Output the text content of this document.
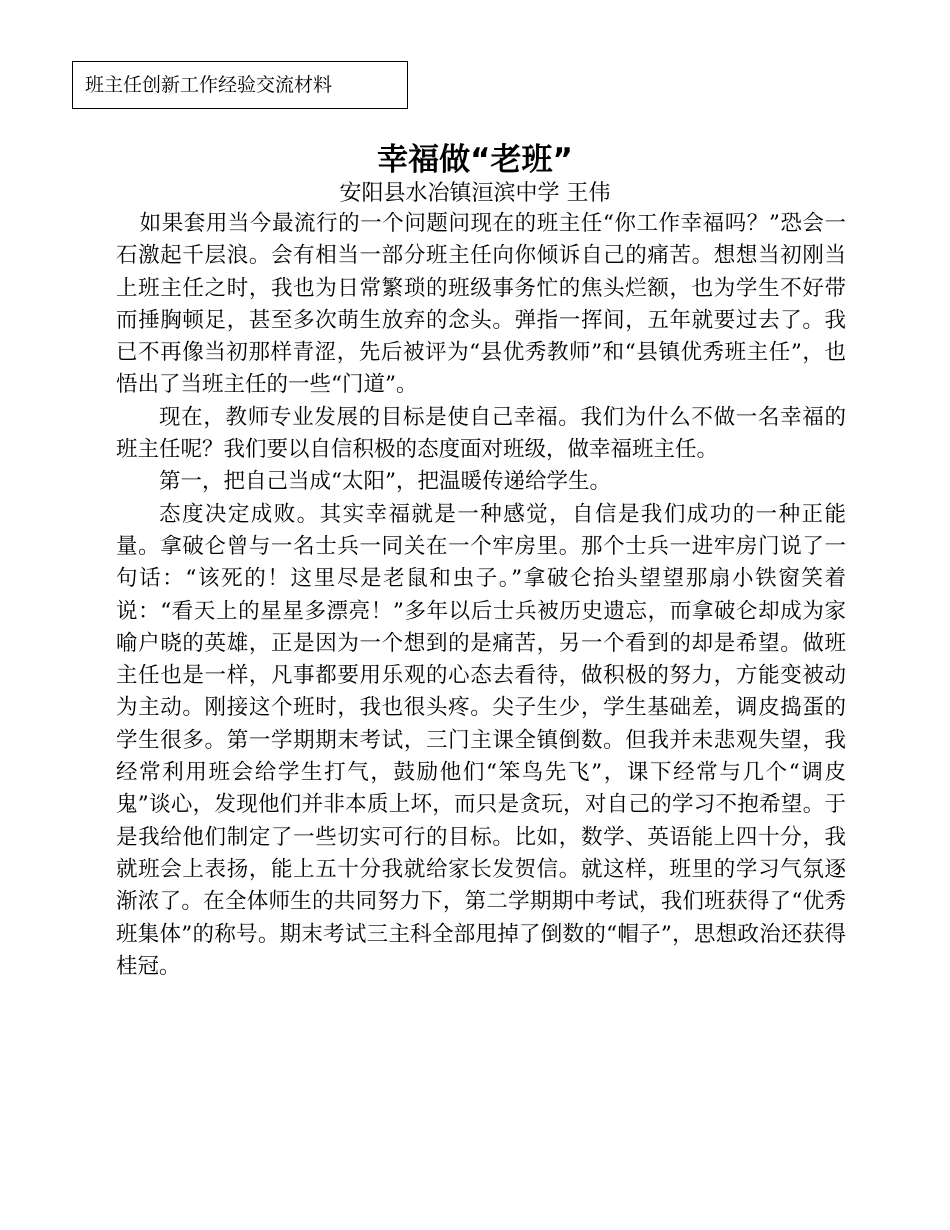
班主任创新工作经验交流材料
幸福做“老班”
安阳县水冶镇洹滨中学 王伟

如果套用当今最流行的一个问题问现在的班主任“你工作幸福吗？”恐会一石激起千层浪。会有相当一部分班主任向你倾诉自己的痛苦。想想当初刚当上班主任之时，我也为日常繁琐的班级事务忙的焦头烂额，也为学生不好带而捶胸顿足，甚至多次萌生放弃的念头。弹指一挥间，五年就要过去了。我已不再像当初那样青涩，先后被评为“县优秀教师”和“县镇优秀班主任”，也悟出了当班主任的一些“门道”。

现在，教师专业发展的目标是使自己幸福。我们为什么不做一名幸福的班主任呢？我们要以自信积极的态度面对班级，做幸福班主任。

第一，把自己当成“太阳”，把温暖传递给学生。

态度决定成败。其实幸福就是一种感觉，自信是我们成功的一种正能量。拿破仑曾与一名士兵一同关在一个牢房里。那个士兵一进牢房门说了一句话：“该死的！这里尽是老鼠和虫子。”拿破仑抬头望望那扇小铁窗笑着说：“看天上的星星多漂亮！”多年以后士兵被历史遗忘，而拿破仑却成为家喻户晓的英雄，正是因为一个想到的是痛苦，另一个看到的却是希望。做班主任也是一样，凡事都要用乐观的心态去看待，做积极的努力，方能变被动为主动。刚接这个班时，我也很头疼。尖子生少，学生基础差，调皮捣蛋的学生很多。第一学期期末考试，三门主课全镇倒数。但我并未悲观失望，我经常利用班会给学生打气，鼓励他们“笨鸟先飞”，课下经常与几个“调皮鬼”谈心，发现他们并非本质上坏，而只是贪玩，对自己的学习不抱希望。于是我给他们制定了一些切实可行的目标。比如，数学、英语能上四十分，我就班会上表扬，能上五十分我就给家长发贺信。就这样，班里的学习气氛逐渐浓了。在全体师生的共同努力下，第二学期期中考试，我们班获得了“优秀班集体”的称号。期末考试三主科全部甩掉了倒数的“帽子”，思想政治还获得桂冠。
